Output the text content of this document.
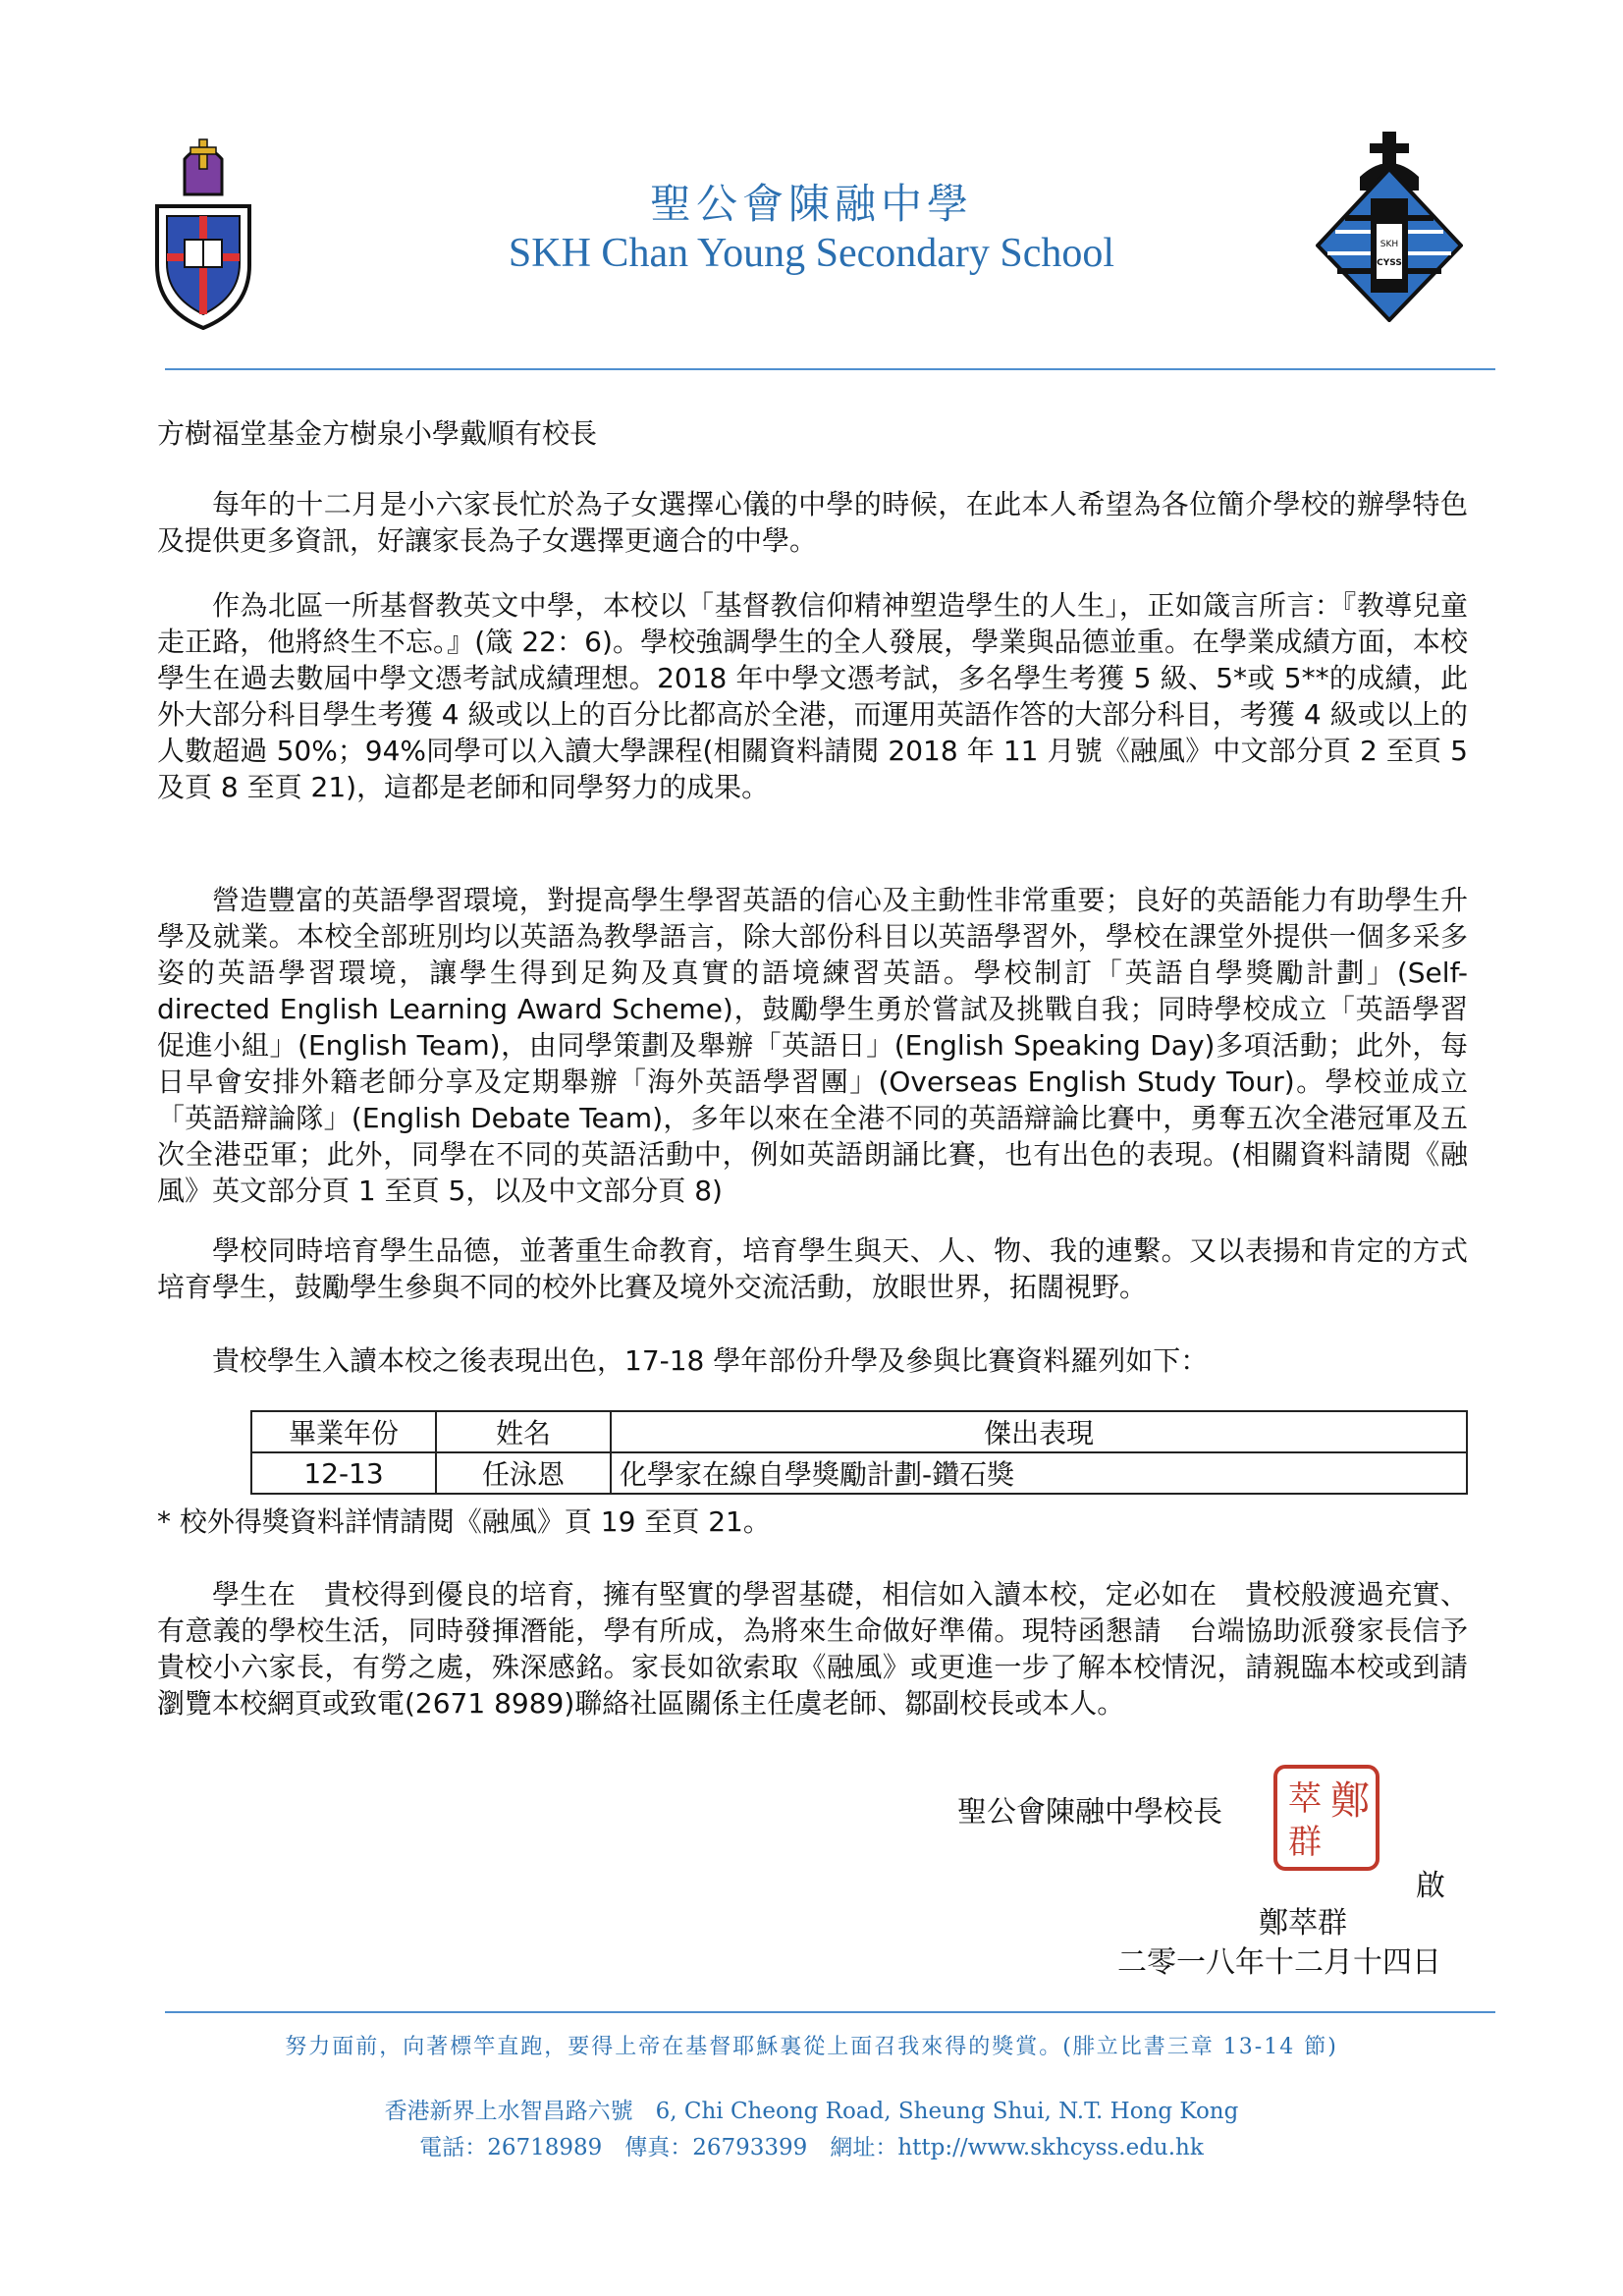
聖公會陳融中學
SKH Chan Young Secondary School	SKH
CYSS
方樹福堂基金方樹泉小學戴順有校長
每年的十二月是小六家長忙於為子女選擇心儀的中學的時候，在此本人希望為各位簡介學校的辦學特色及提供更多資訊，好讓家長為子女選擇更適合的中學。
作為北區一所基督教英文中學，本校以「基督教信仰精神塑造學生的人生」，正如箴言所言：『教導兒童走正路，他將終生不忘。』(箴 22：6)。學校強調學生的全人發展，學業與品德並重。在學業成績方面，本校學生在過去數屆中學文憑考試成績理想。2018 年中學文憑考試，多名學生考獲 5 級、5*或 5**的成績，此外大部分科目學生考獲 4 級或以上的百分比都高於全港，而運用英語作答的大部分科目，考獲 4 級或以上的人數超過 50%；94%同學可以入讀大學課程(相關資料請閱 2018 年 11 月號《融風》中文部分頁 2 至頁 5 及頁 8 至頁 21)，這都是老師和同學努力的成果。
營造豐富的英語學習環境，對提高學生學習英語的信心及主動性非常重要；良好的英語能力有助學生升學及就業。本校全部班別均以英語為教學語言，除大部份科目以英語學習外，學校在課堂外提供一個多采多姿的英語學習環境，讓學生得到足夠及真實的語境練習英語。學校制訂「英語自學獎勵計劃」(Self-directed English Learning Award Scheme)，鼓勵學生勇於嘗試及挑戰自我；同時學校成立「英語學習促進小組」(English Team)，由同學策劃及舉辦「英語日」(English Speaking Day)多項活動；此外，每日早會安排外籍老師分享及定期舉辦「海外英語學習團」(Overseas English Study Tour)。學校並成立「英語辯論隊」(English Debate Team)，多年以來在全港不同的英語辯論比賽中，勇奪五次全港冠軍及五次全港亞軍；此外，同學在不同的英語活動中，例如英語朗誦比賽，也有出色的表現。(相關資料請閱《融風》英文部分頁 1 至頁 5，以及中文部分頁 8)
學校同時培育學生品德，並著重生命教育，培育學生與天、人、物、我的連繫。又以表揚和肯定的方式培育學生，鼓勵學生參與不同的校外比賽及境外交流活動，放眼世界，拓闊視野。
貴校學生入讀本校之後表現出色，17-18 學年部份升學及參與比賽資料羅列如下：
畢業年份	姓名	傑出表現
12-13	任泳恩	化學家在線自學獎勵計劃-鑽石獎
* 校外得獎資料詳情請閱《融風》頁 19 至頁 21。
學生在　貴校得到優良的培育，擁有堅實的學習基礎，相信如入讀本校，定必如在　貴校般渡過充實、有意義的學校生活，同時發揮潛能，學有所成，為將來生命做好準備。現特函懇請　台端協助派發家長信予　貴校小六家長，有勞之處，殊深感銘。家長如欲索取《融風》或更進一步了解本校情況，請親臨本校或到請瀏覽本校網頁或致電(2671 8989)聯絡社區關係主任虞老師、鄒副校長或本人。
聖公會陳融中學校長	鄭
萃
群
啟
鄭萃群
二零一八年十二月十四日
努力面前，向著標竿直跑，要得上帝在基督耶穌裏從上面召我來得的獎賞。(腓立比書三章 13-14 節)
香港新界上水智昌路六號　6, Chi Cheong Road, Sheung Shui, N.T. Hong Kong
電話：26718989　傳真：26793399　網址：http://www.skhcyss.edu.hk
